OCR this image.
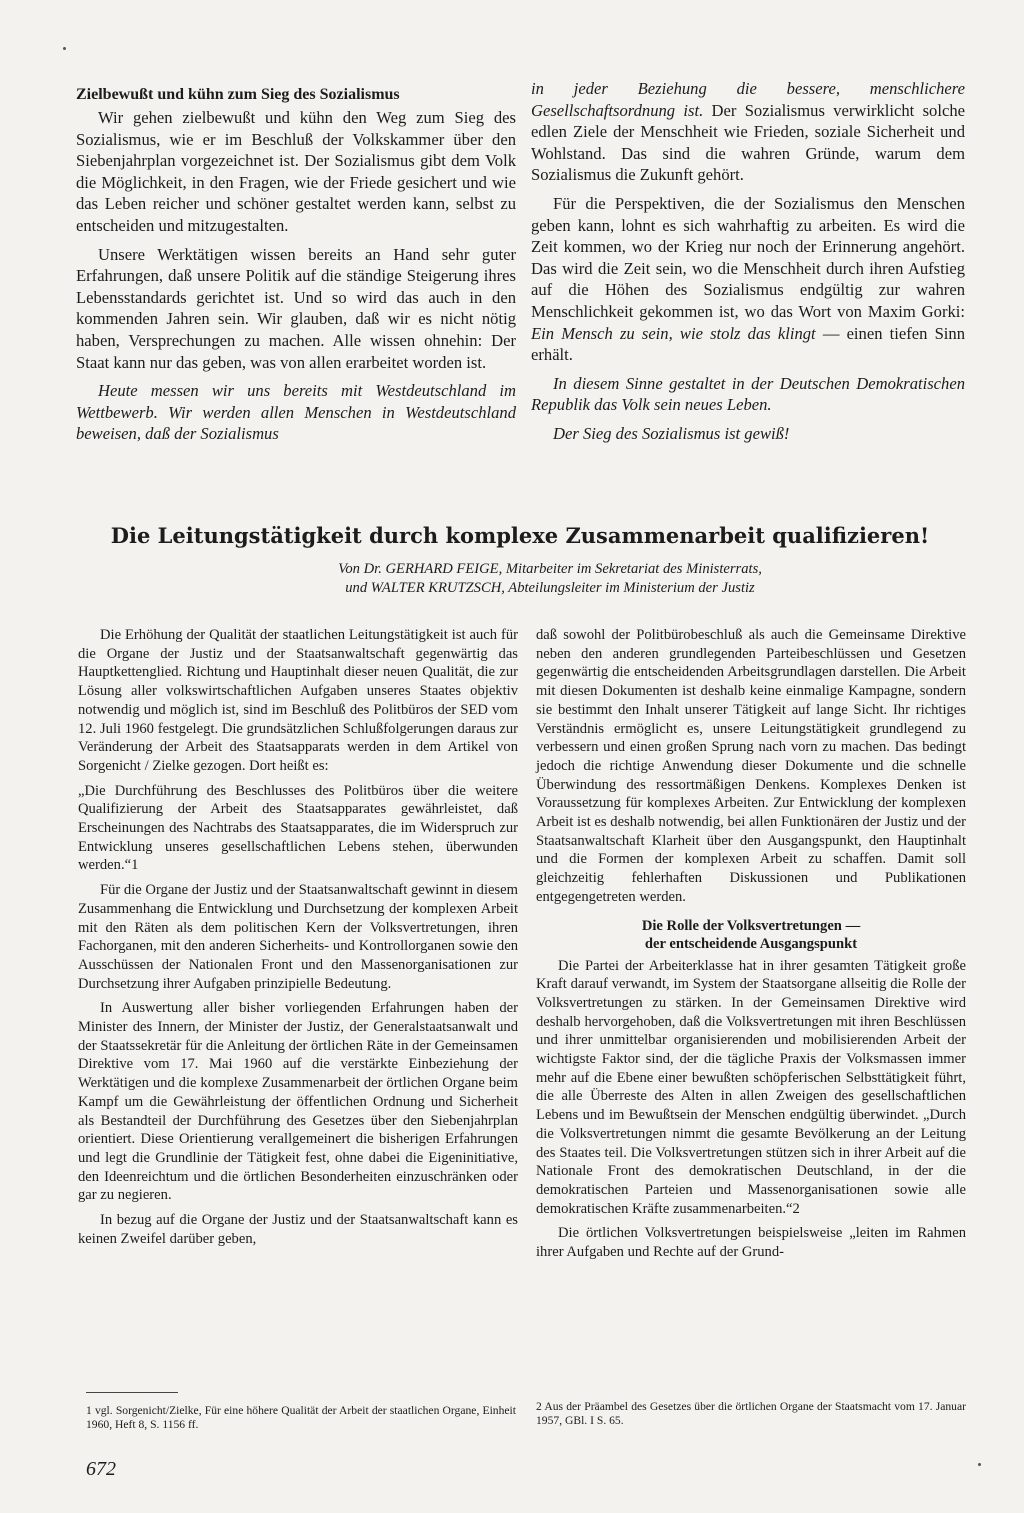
Zielbewußt und kühn zum Sieg des Sozialismus

Wir gehen zielbewußt und kühn den Weg zum Sieg des Sozialismus, wie er im Beschluß der Volkskammer über den Siebenjahrplan vorgezeichnet ist. Der Sozialismus gibt dem Volk die Möglichkeit, in den Fragen, wie der Friede gesichert und wie das Leben reicher und schöner gestaltet werden kann, selbst zu entscheiden und mitzugestalten.

Unsere Werktätigen wissen bereits an Hand sehr guter Erfahrungen, daß unsere Politik auf die ständige Steigerung ihres Lebensstandards gerichtet ist. Und so wird das auch in den kommenden Jahren sein. Wir glauben, daß wir es nicht nötig haben, Versprechungen zu machen. Alle wissen ohnehin: Der Staat kann nur das geben, was von allen erarbeitet worden ist.

Heute messen wir uns bereits mit Westdeutschland im Wettbewerb. Wir werden allen Menschen in Westdeutschland beweisen, daß der Sozialismus

in jeder Beziehung die bessere, menschlichere Gesellschaftsordnung ist. Der Sozialismus verwirklicht solche edlen Ziele der Menschheit wie Frieden, soziale Sicherheit und Wohlstand. Das sind die wahren Gründe, warum dem Sozialismus die Zukunft gehört.

Für die Perspektiven, die der Sozialismus den Menschen geben kann, lohnt es sich wahrhaftig zu arbeiten. Es wird die Zeit kommen, wo der Krieg nur noch der Erinnerung angehört. Das wird die Zeit sein, wo die Menschheit durch ihren Aufstieg auf die Höhen des Sozialismus endgültig zur wahren Menschlichkeit gekommen ist, wo das Wort von Maxim Gorki: Ein Mensch zu sein, wie stolz das klingt — einen tiefen Sinn erhält.

In diesem Sinne gestaltet in der Deutschen Demokratischen Republik das Volk sein neues Leben.

Der Sieg des Sozialismus ist gewiß!

Die Leitungstätigkeit durch komplexe Zusammenarbeit qualifizieren!
Von Dr. GERHARD FEIGE, Mitarbeiter im Sekretariat des Ministerrats,
und WALTER KRUTZSCH, Abteilungsleiter im Ministerium der Justiz

Die Erhöhung der Qualität der staatlichen Leitungstätigkeit ist auch für die Organe der Justiz und der Staatsanwaltschaft gegenwärtig das Hauptkettenglied. Richtung und Hauptinhalt dieser neuen Qualität, die zur Lösung aller volkswirtschaftlichen Aufgaben unseres Staates objektiv notwendig und möglich ist, sind im Beschluß des Politbüros der SED vom 12. Juli 1960 festgelegt. Die grundsätzlichen Schlußfolgerungen daraus zur Veränderung der Arbeit des Staatsapparats werden in dem Artikel von Sorgenicht / Zielke gezogen. Dort heißt es:

„Die Durchführung des Beschlusses des Politbüros über die weitere Qualifizierung der Arbeit des Staatsapparates gewährleistet, daß Erscheinungen des Nachtrabs des Staatsapparates, die im Widerspruch zur Entwicklung unseres gesellschaftlichen Lebens stehen, überwunden werden.“1

Für die Organe der Justiz und der Staatsanwaltschaft gewinnt in diesem Zusammenhang die Entwicklung und Durchsetzung der komplexen Arbeit mit den Räten als dem politischen Kern der Volksvertretungen, ihren Fachorganen, mit den anderen Sicherheits- und Kontrollorganen sowie den Ausschüssen der Nationalen Front und den Massenorganisationen zur Durchsetzung ihrer Aufgaben prinzipielle Bedeutung.

In Auswertung aller bisher vorliegenden Erfahrungen haben der Minister des Innern, der Minister der Justiz, der Generalstaatsanwalt und der Staatssekretär für die Anleitung der örtlichen Räte in der Gemeinsamen Direktive vom 17. Mai 1960 auf die verstärkte Einbeziehung der Werktätigen und die komplexe Zusammenarbeit der örtlichen Organe beim Kampf um die Gewährleistung der öffentlichen Ordnung und Sicherheit als Bestandteil der Durchführung des Gesetzes über den Siebenjahrplan orientiert. Diese Orientierung verallgemeinert die bisherigen Erfahrungen und legt die Grundlinie der Tätigkeit fest, ohne dabei die Eigeninitiative, den Ideenreichtum und die örtlichen Besonderheiten einzuschränken oder gar zu negieren.

In bezug auf die Organe der Justiz und der Staatsanwaltschaft kann es keinen Zweifel darüber geben,

daß sowohl der Politbürobeschluß als auch die Gemeinsame Direktive neben den anderen grundlegenden Parteibeschlüssen und Gesetzen gegenwärtig die entscheidenden Arbeitsgrundlagen darstellen. Die Arbeit mit diesen Dokumenten ist deshalb keine einmalige Kampagne, sondern sie bestimmt den Inhalt unserer Tätigkeit auf lange Sicht. Ihr richtiges Verständnis ermöglicht es, unsere Leitungstätigkeit grundlegend zu verbessern und einen großen Sprung nach vorn zu machen. Das bedingt jedoch die richtige Anwendung dieser Dokumente und die schnelle Überwindung des ressortmäßigen Denkens. Komplexes Denken ist Voraussetzung für komplexes Arbeiten. Zur Entwicklung der komplexen Arbeit ist es deshalb notwendig, bei allen Funktionären der Justiz und der Staatsanwaltschaft Klarheit über den Ausgangspunkt, den Hauptinhalt und die Formen der komplexen Arbeit zu schaffen. Damit soll gleichzeitig fehlerhaften Diskussionen und Publikationen entgegengetreten werden.

Die Rolle der Volksvertretungen —
der entscheidende Ausgangspunkt

Die Partei der Arbeiterklasse hat in ihrer gesamten Tätigkeit große Kraft darauf verwandt, im System der Staatsorgane allseitig die Rolle der Volksvertretungen zu stärken. In der Gemeinsamen Direktive wird deshalb hervorgehoben, daß die Volksvertretungen mit ihren Beschlüssen und ihrer unmittelbar organisierenden und mobilisierenden Arbeit der wichtigste Faktor sind, der die tägliche Praxis der Volksmassen immer mehr auf die Ebene einer bewußten schöpferischen Selbsttätigkeit führt, die alle Überreste des Alten in allen Zweigen des gesellschaftlichen Lebens und im Bewußtsein der Menschen endgültig überwindet. „Durch die Volksvertretungen nimmt die gesamte Bevölkerung an der Leitung des Staates teil. Die Volksvertretungen stützen sich in ihrer Arbeit auf die Nationale Front des demokratischen Deutschland, in der die demokratischen Parteien und Massenorganisationen sowie alle demokratischen Kräfte zusammenarbeiten.“2

Die örtlichen Volksvertretungen beispielsweise „leiten im Rahmen ihrer Aufgaben und Rechte auf der Grund-

1 vgl. Sorgenicht/Zielke, Für eine höhere Qualität der Arbeit der staatlichen Organe, Einheit 1960, Heft 8, S. 1156 ff.
2 Aus der Präambel des Gesetzes über die örtlichen Organe der Staatsmacht vom 17. Januar 1957, GBl. I S. 65.
672
